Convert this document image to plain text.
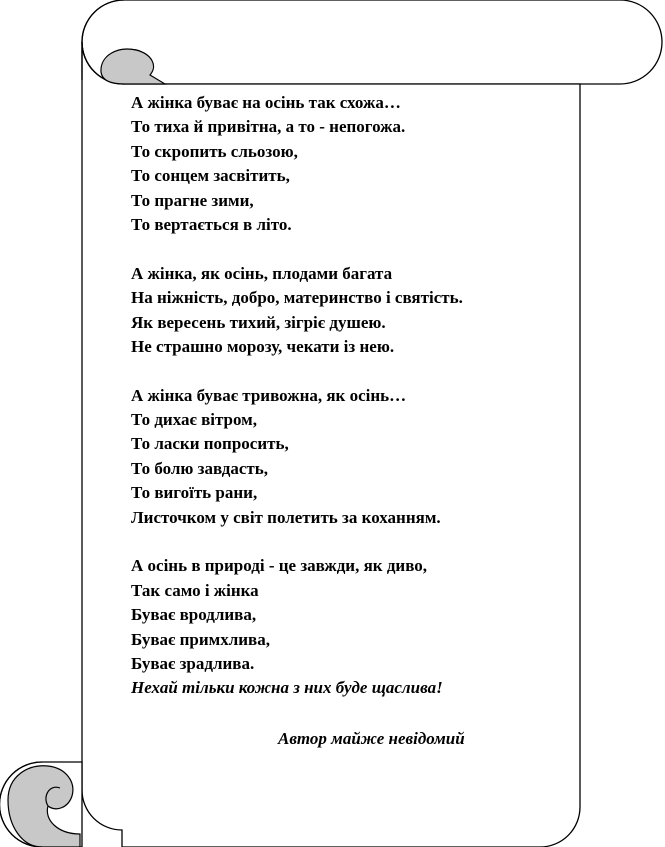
А жінка буває на осінь так схожа…
То тиха й привітна, а то - непогожа.
То скропить сльозою,
То сонцем засвітить,
То прагне зими,
То вертається в літо.
А жінка, як осінь, плодами багата
На ніжність, добро, материнство і святість.
Як вересень тихий, зігріє душею.
Не страшно морозу, чекати із нею.
А жінка буває тривожна, як осінь…
То дихає вітром,
То ласки попросить,
То болю завдасть,
То вигоїть рани,
Листочком у світ полетить за коханням.
А осінь в природі - це завжди, як диво,
Так само і жінка
Буває вродлива,
Буває примхлива,
Буває зрадлива.
Нехай тільки кожна з них буде щаслива!
Автор майже невідомий
